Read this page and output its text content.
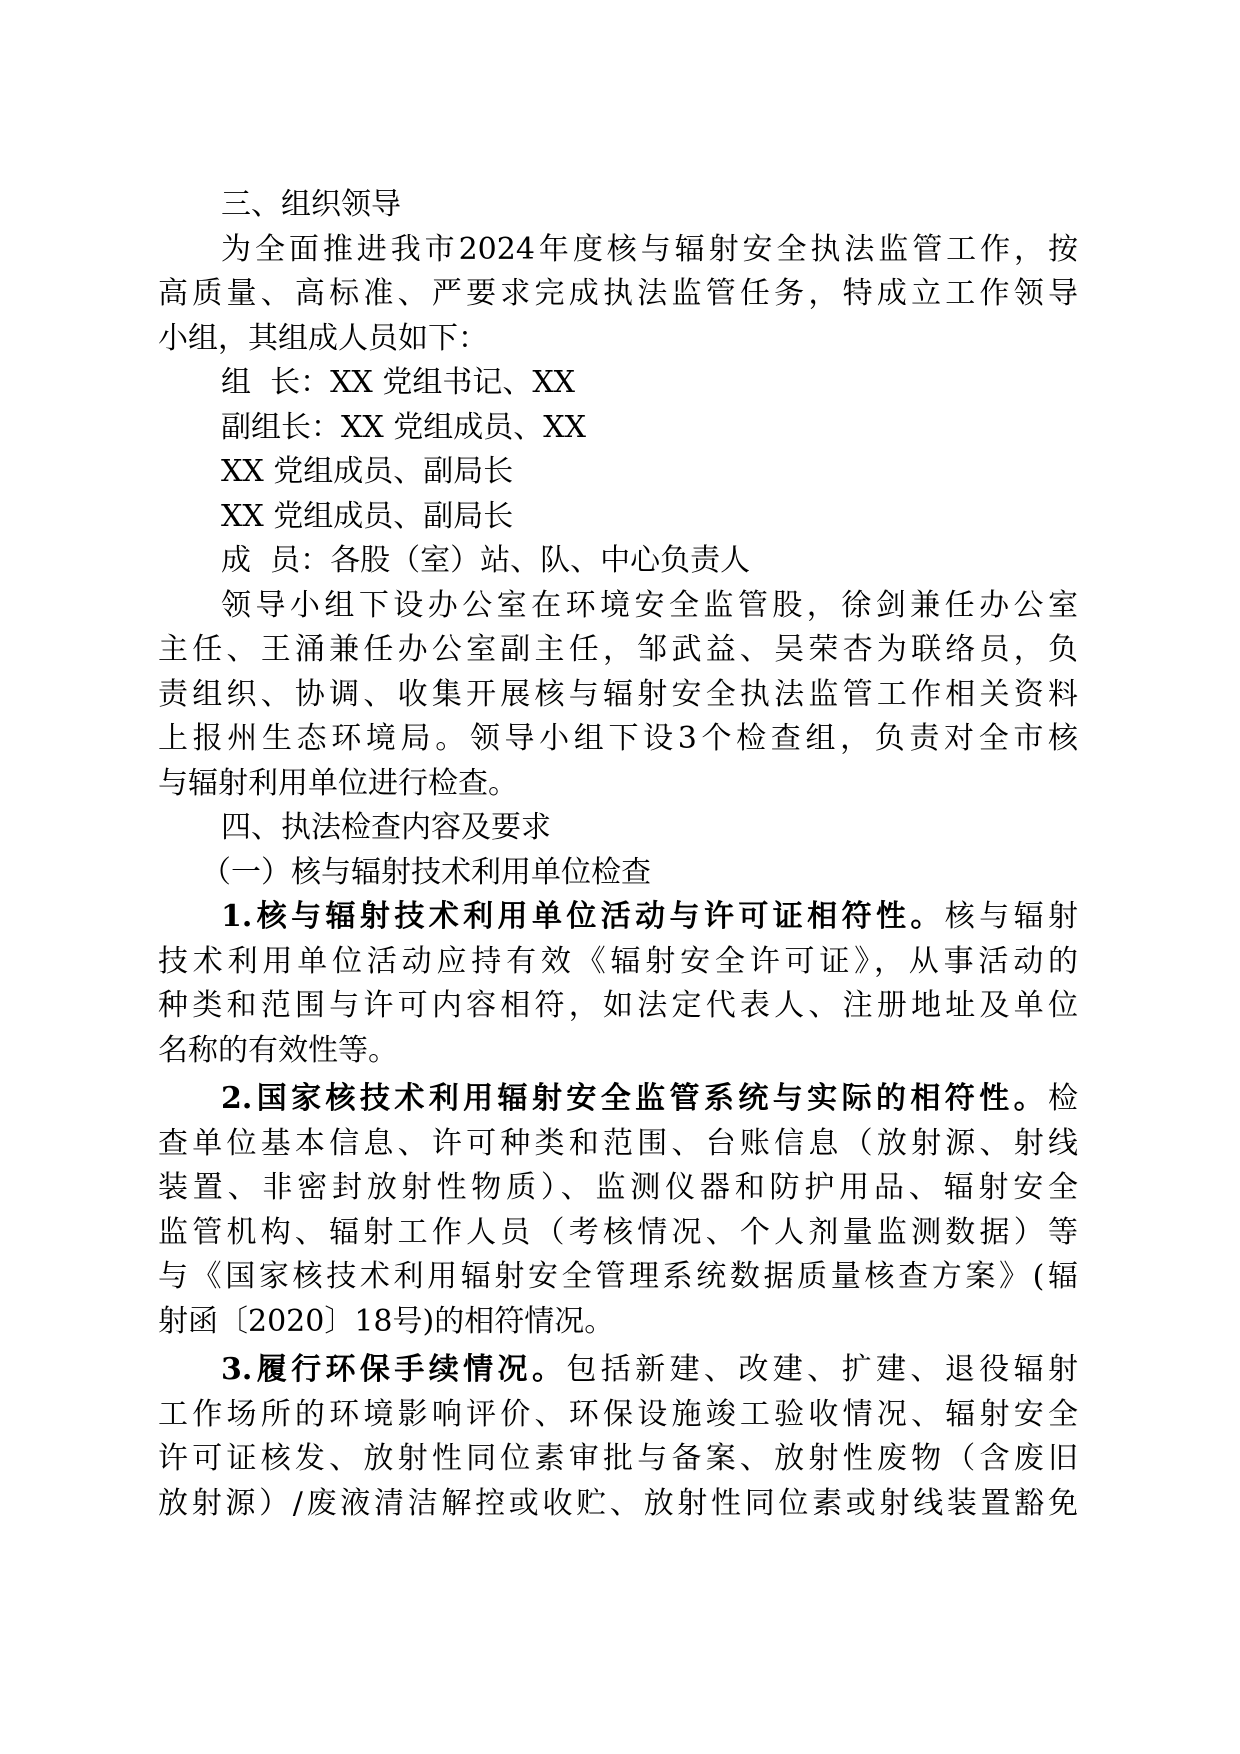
三、组织领导
为全面推进我市2024年度核与辐射安全执法监管工作，按
高质量、高标准、严要求完成执法监管任务，特成立工作领导
小组，其组成人员如下：
组  长：XX 党组书记、XX
副组长：XX 党组成员、XX
XX 党组成员、副局长
XX 党组成员、副局长
成  员：各股（室）站、队、中心负责人
领导小组下设办公室在环境安全监管股，徐剑兼任办公室
主任、王涌兼任办公室副主任，邹武益、吴荣杏为联络员，负
责组织、协调、收集开展核与辐射安全执法监管工作相关资料
上报州生态环境局。领导小组下设3个检查组，负责对全市核
与辐射利用单位进行检查。
四、执法检查内容及要求
（一）核与辐射技术利用单位检查
1.核与辐射技术利用单位活动与许可证相符性。核与辐射
技术利用单位活动应持有效《辐射安全许可证》，从事活动的
种类和范围与许可内容相符，如法定代表人、注册地址及单位
名称的有效性等。
2.国家核技术利用辐射安全监管系统与实际的相符性。检
查单位基本信息、许可种类和范围、台账信息（放射源、射线
装置、非密封放射性物质）、监测仪器和防护用品、辐射安全
监管机构、辐射工作人员（考核情况、个人剂量监测数据）等
与《国家核技术利用辐射安全管理系统数据质量核查方案》(辐
射函〔2020〕18号)的相符情况。
3.履行环保手续情况。包括新建、改建、扩建、退役辐射
工作场所的环境影响评价、环保设施竣工验收情况、辐射安全
许可证核发、放射性同位素审批与备案、放射性废物（含废旧
放射源）/废液清洁解控或收贮、放射性同位素或射线装置豁免
